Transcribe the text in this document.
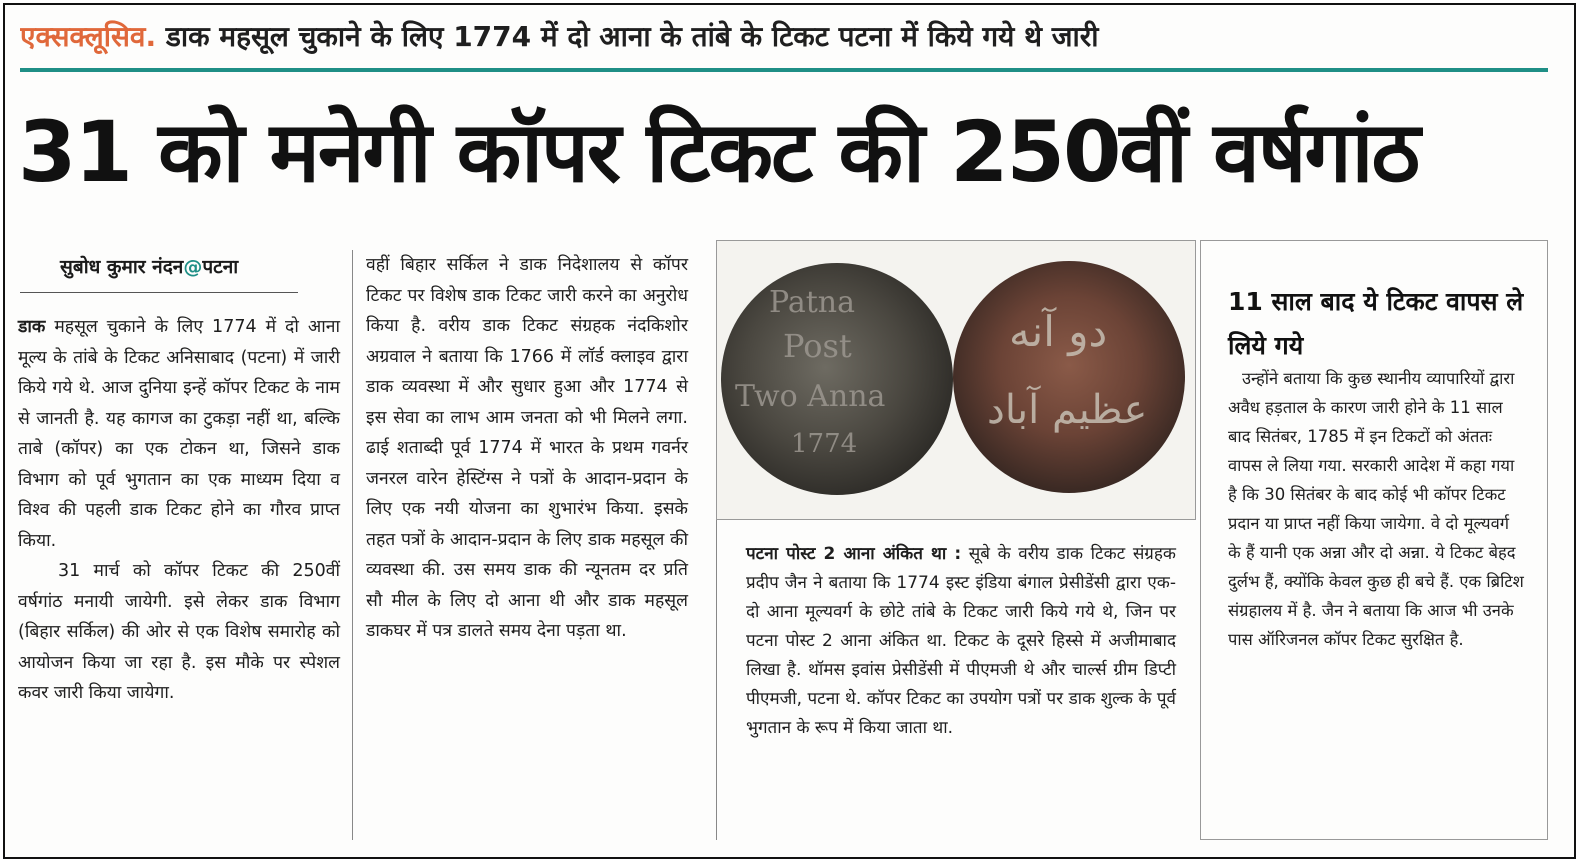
एक्सक्लूसिव. डाक महसूल चुकाने के लिए 1774 में दो आना के तांबे के टिकट पटना में किये गये थे जारी
31 को मनेगी कॉपर टिकट की 250वीं वर्षगांठ
सुबोध कुमार नंदन@पटना

डाक महसूल चुकाने के लिए 1774 में दो आना मूल्य के तांबे के टिकट अनिसाबाद (पटना) में जारी किये गये थे. आज दुनिया इन्हें कॉपर टिकट के नाम से जानती है. यह कागज का टुकड़ा नहीं था, बल्कि ताबे (कॉपर) का एक टोकन था, जिसने डाक विभाग को पूर्व भुगतान का एक माध्यम दिया व विश्व की पहली डाक टिकट होने का गौरव प्राप्त किया.

31 मार्च को कॉपर टिकट की 250वीं वर्षगांठ मनायी जायेगी. इसे लेकर डाक विभाग (बिहार सर्किल) की ओर से एक विशेष समारोह को आयोजन किया जा रहा है. इस मौके पर स्पेशल कवर जारी किया जायेगा.

वहीं बिहार सर्किल ने डाक निदेशालय से कॉपर टिकट पर विशेष डाक टिकट जारी करने का अनुरोध किया है. वरीय डाक टिकट संग्रहक नंदकिशोर अग्रवाल ने बताया कि 1766 में लॉर्ड क्लाइव द्वारा डाक व्यवस्था में और सुधार हुआ और 1774 से इस सेवा का लाभ आम जनता को भी मिलने लगा. ढाई शताब्दी पूर्व 1774 में भारत के प्रथम गवर्नर जनरल वारेन हेस्टिंग्स ने पत्रों के आदान-प्रदान के लिए एक नयी योजना का शुभारंभ किया. इसके तहत पत्रों के आदान-प्रदान के लिए डाक महसूल की व्यवस्था की. उस समय डाक की न्यूनतम दर प्रति सौ मील के लिए दो आना थी और डाक महसूल डाकघर में पत्र डालते समय देना पड़ता था.

Patna
Post
Two Anna
1774
دو آنه
عظیم آباد

पटना पोस्ट 2 आना अंकित था : सूबे के वरीय डाक टिकट संग्रहक प्रदीप जैन ने बताया कि 1774 इस्ट इंडिया बंगाल प्रेसीडेंसी द्वारा एक-दो आना मूल्यवर्ग के छोटे तांबे के टिकट जारी किये गये थे, जिन पर पटना पोस्ट 2 आना अंकित था. टिकट के दूसरे हिस्से में अजीमाबाद लिखा है. थॉमस इवांस प्रेसीडेंसी में पीएमजी थे और चार्ल्स ग्रीम डिप्टी पीएमजी, पटना थे. कॉपर टिकट का उपयोग पत्रों पर डाक शुल्क के पूर्व भुगतान के रूप में किया जाता था.

11 साल बाद ये टिकट वापस ले लिये गये

उन्होंने बताया कि कुछ स्थानीय व्यापारियों द्वारा अवैध हड़ताल के कारण जारी होने के 11 साल बाद सितंबर, 1785 में इन टिकटों को अंततः वापस ले लिया गया. सरकारी आदेश में कहा गया है कि 30 सितंबर के बाद कोई भी कॉपर टिकट प्रदान या प्राप्त नहीं किया जायेगा. वे दो मूल्यवर्ग के हैं यानी एक अन्ना और दो अन्ना. ये टिकट बेहद दुर्लभ हैं, क्योंकि केवल कुछ ही बचे हैं. एक ब्रिटिश संग्रहालय में है. जैन ने बताया कि आज भी उनके पास ऑरिजनल कॉपर टिकट सुरक्षित है.
